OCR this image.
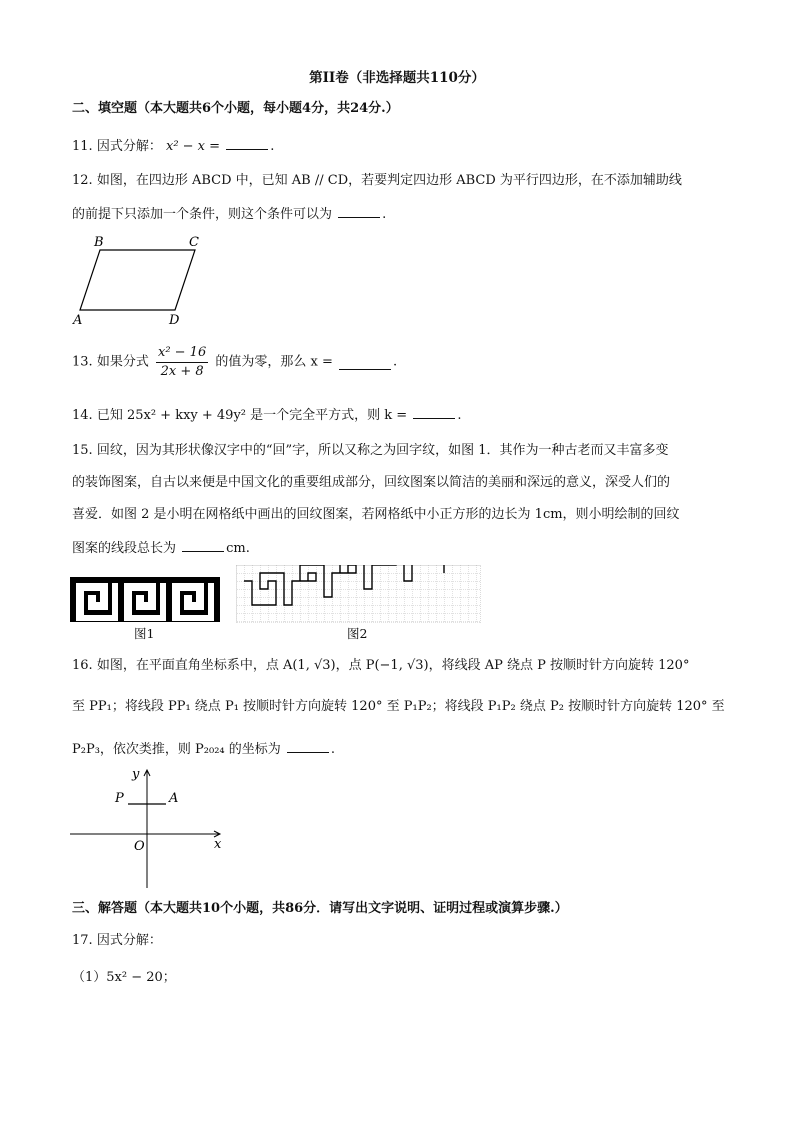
第II卷（非选择题共110分）
二、填空题（本大题共6个小题，每小题4分，共24分.）
11. 因式分解： x² − x =	.
12. 如图，在四边形 ABCD 中，已知 AB // CD，若要判定四边形 ABCD 为平行四边形，在不添加辅助线
的前提下只添加一个条件，则这个条件可以为	.
B	C
A	D
13. 如果分式 $\frac{\text{x² − 16}}{2x + 8}$ 的值为零，那么 x =	.
14. 已知 25x² + kxy + 49y² 是一个完全平方式，则 k =	.
15. 回纹，因为其形状像汉字中的“回”字，所以又称之为回字纹，如图 1．其作为一种古老而又丰富多变
的装饰图案，自古以来便是中国文化的重要组成部分，回纹图案以简洁的美丽和深远的意义，深受人们的
喜爱．如图 2 是小明在网格纸中画出的回纹图案，若网格纸中小正方形的边长为 1cm，则小明绘制的回纹
图案的线段总长为	cm.
图1	图2
16. 如图，在平面直角坐标系中，点 A(1, √3)，点 P(−1, √3)，将线段 AP 绕点 P 按顺时针方向旋转 120°
至 PP₁；将线段 PP₁ 绕点 P₁ 按顺时针方向旋转 120° 至 P₁P₂；将线段 P₁P₂ 绕点 P₂ 按顺时针方向旋转 120° 至
P₂P₃，依次类推，则 P₂₀₂₄ 的坐标为	.
y
x
O
P	A
三、解答题（本大题共10个小题，共86分．请写出文字说明、证明过程或演算步骤.）
17. 因式分解：
（1）5x² − 20；
